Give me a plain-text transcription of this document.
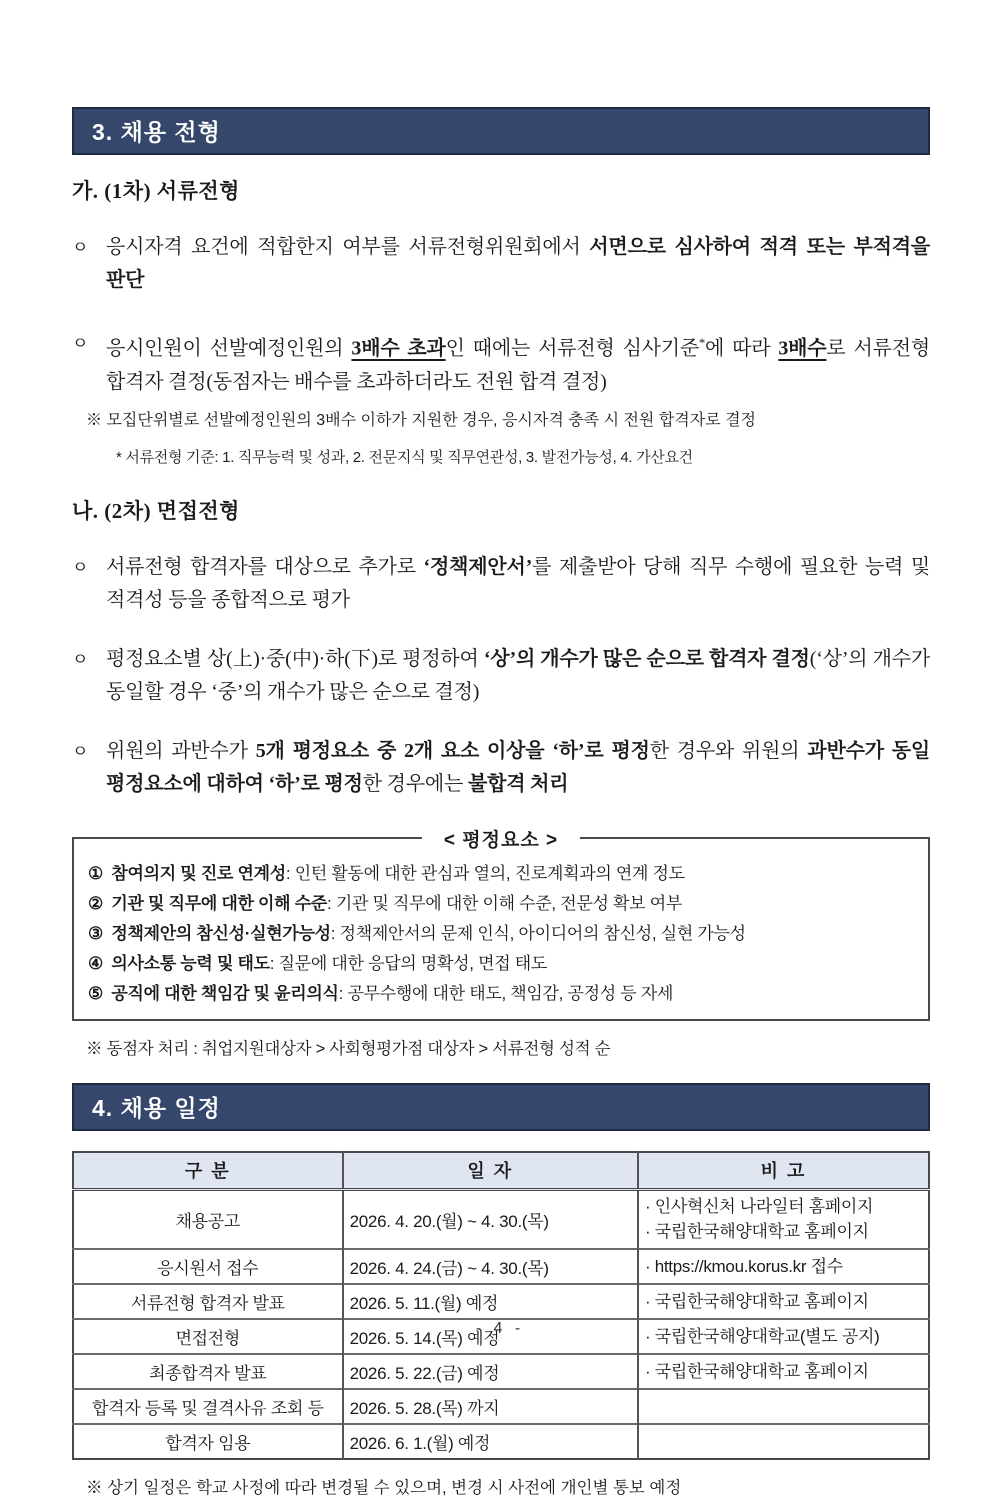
3. 채용 전형
가. (1차) 서류전형
ㅇ 응시자격 요건에 적합한지 여부를 서류전형위원회에서 서면으로 심사하여 적격 또는 부적격을 판단
ㅇ 응시인원이 선발예정인원의 3배수 초과인 때에는 서류전형 심사기준*에 따라 3배수로 서류전형 합격자 결정(동점자는 배수를 초과하더라도 전원 합격 결정)
※ 모집단위별로 선발예정인원의 3배수 이하가 지원한 경우, 응시자격 충족 시 전원 합격자로 결정
* 서류전형 기준: 1. 직무능력 및 성과, 2. 전문지식 및 직무연관성, 3. 발전가능성, 4. 가산요건
나. (2차) 면접전형
ㅇ 서류전형 합격자를 대상으로 추가로 ‘정책제안서’를 제출받아 당해 직무 수행에 필요한 능력 및 적격성 등을 종합적으로 평가
ㅇ 평정요소별 상(上)·중(中)·하(下)로 평정하여 ‘상’의 개수가 많은 순으로 합격자 결정(‘상’의 개수가 동일할 경우 ‘중’의 개수가 많은 순으로 결정)
ㅇ 위원의 과반수가 5개 평정요소 중 2개 요소 이상을 ‘하’로 평정한 경우와 위원의 과반수가 동일 평정요소에 대하여 ‘하’로 평정한 경우에는 불합격 처리
< 평정요소 >
① 참여의지 및 진로 연계성: 인턴 활동에 대한 관심과 열의, 진로계획과의 연계 정도
② 기관 및 직무에 대한 이해 수준: 기관 및 직무에 대한 이해 수준, 전문성 확보 여부
③ 정책제안의 참신성·실현가능성: 정책제안서의 문제 인식, 아이디어의 참신성, 실현 가능성
④ 의사소통 능력 및 태도: 질문에 대한 응답의 명확성, 면접 태도
⑤ 공직에 대한 책임감 및 윤리의식: 공무수행에 대한 태도, 책임감, 공정성 등 자세
※ 동점자 처리 : 취업지원대상자 > 사회형평가점 대상자 > 서류전형 성적 순
4. 채용 일정
구 분	일 자	비 고
채용공고	2026. 4. 20.(월) ~ 4. 30.(목)	· 인사혁신처 나라일터 홈페이지
· 국립한국해양대학교 홈페이지

응시원서 접수	2026. 4. 24.(금) ~ 4. 30.(목)	· https://kmou.korus.kr 접수

서류전형 합격자 발표	2026. 5. 11.(월) 예정	· 국립한국해양대학교 홈페이지

면접전형	2026. 5. 14.(목) 예정	· 국립한국해양대학교(별도 공지)

최종합격자 발표	2026. 5. 22.(금) 예정	· 국립한국해양대학교 홈페이지

합격자 등록 및 결격사유 조회 등	2026. 5. 28.(목) 까지	
합격자 임용	2026. 6. 1.(월) 예정	
※ 상기 일정은 학교 사정에 따라 변경될 수 있으며, 변경 시 사전에 개인별 통보 예정
- 4 -
